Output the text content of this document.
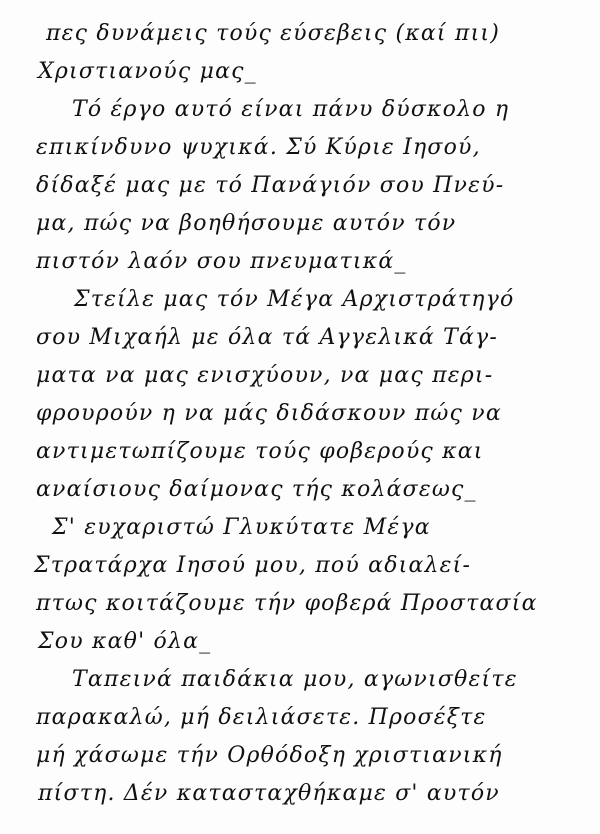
πες δυνάμεις τούς εύσεβεις (καί πιι)
Χριστιανούς μας_
Τό έργο αυτό είναι πάνυ δύσκολο η
επικίνδυνο ψυχικά. Σύ Κύριε Ιησού,
δίδαξέ μας με τό Πανάγιόν σου Πνεύ-
μα, πώς να βοηθήσουμε αυτόν τόν
πιστόν λαόν σου πνευματικά_
Στείλε μας τόν Μέγα Αρχιστράτηγό
σου Μιχαήλ με όλα τά Αγγελικά Τάγ-
ματα να μας ενισχύουν, να μας περι-
φρουρούν η να μάς διδάσκουν πώς να
αντιμετωπίζουμε τούς φοβερούς και
αναίσιους δαίμονας τής κολάσεως_
Σ' ευχαριστώ Γλυκύτατε Μέγα
Στρατάρχα Ιησού μου, πού αδιαλεί-
πτως κοιτάζουμε τήν φοβερά Προστασία
Σου καθ' όλα_
Ταπεινά παιδάκια μου, αγωνισθείτε
παρακαλώ, μή δειλιάσετε. Προσέξτε
μή χάσωμε τήν Ορθόδοξη χριστιανική
πίστη. Δέν κατασταχθήκαμε σ' αυτόν
